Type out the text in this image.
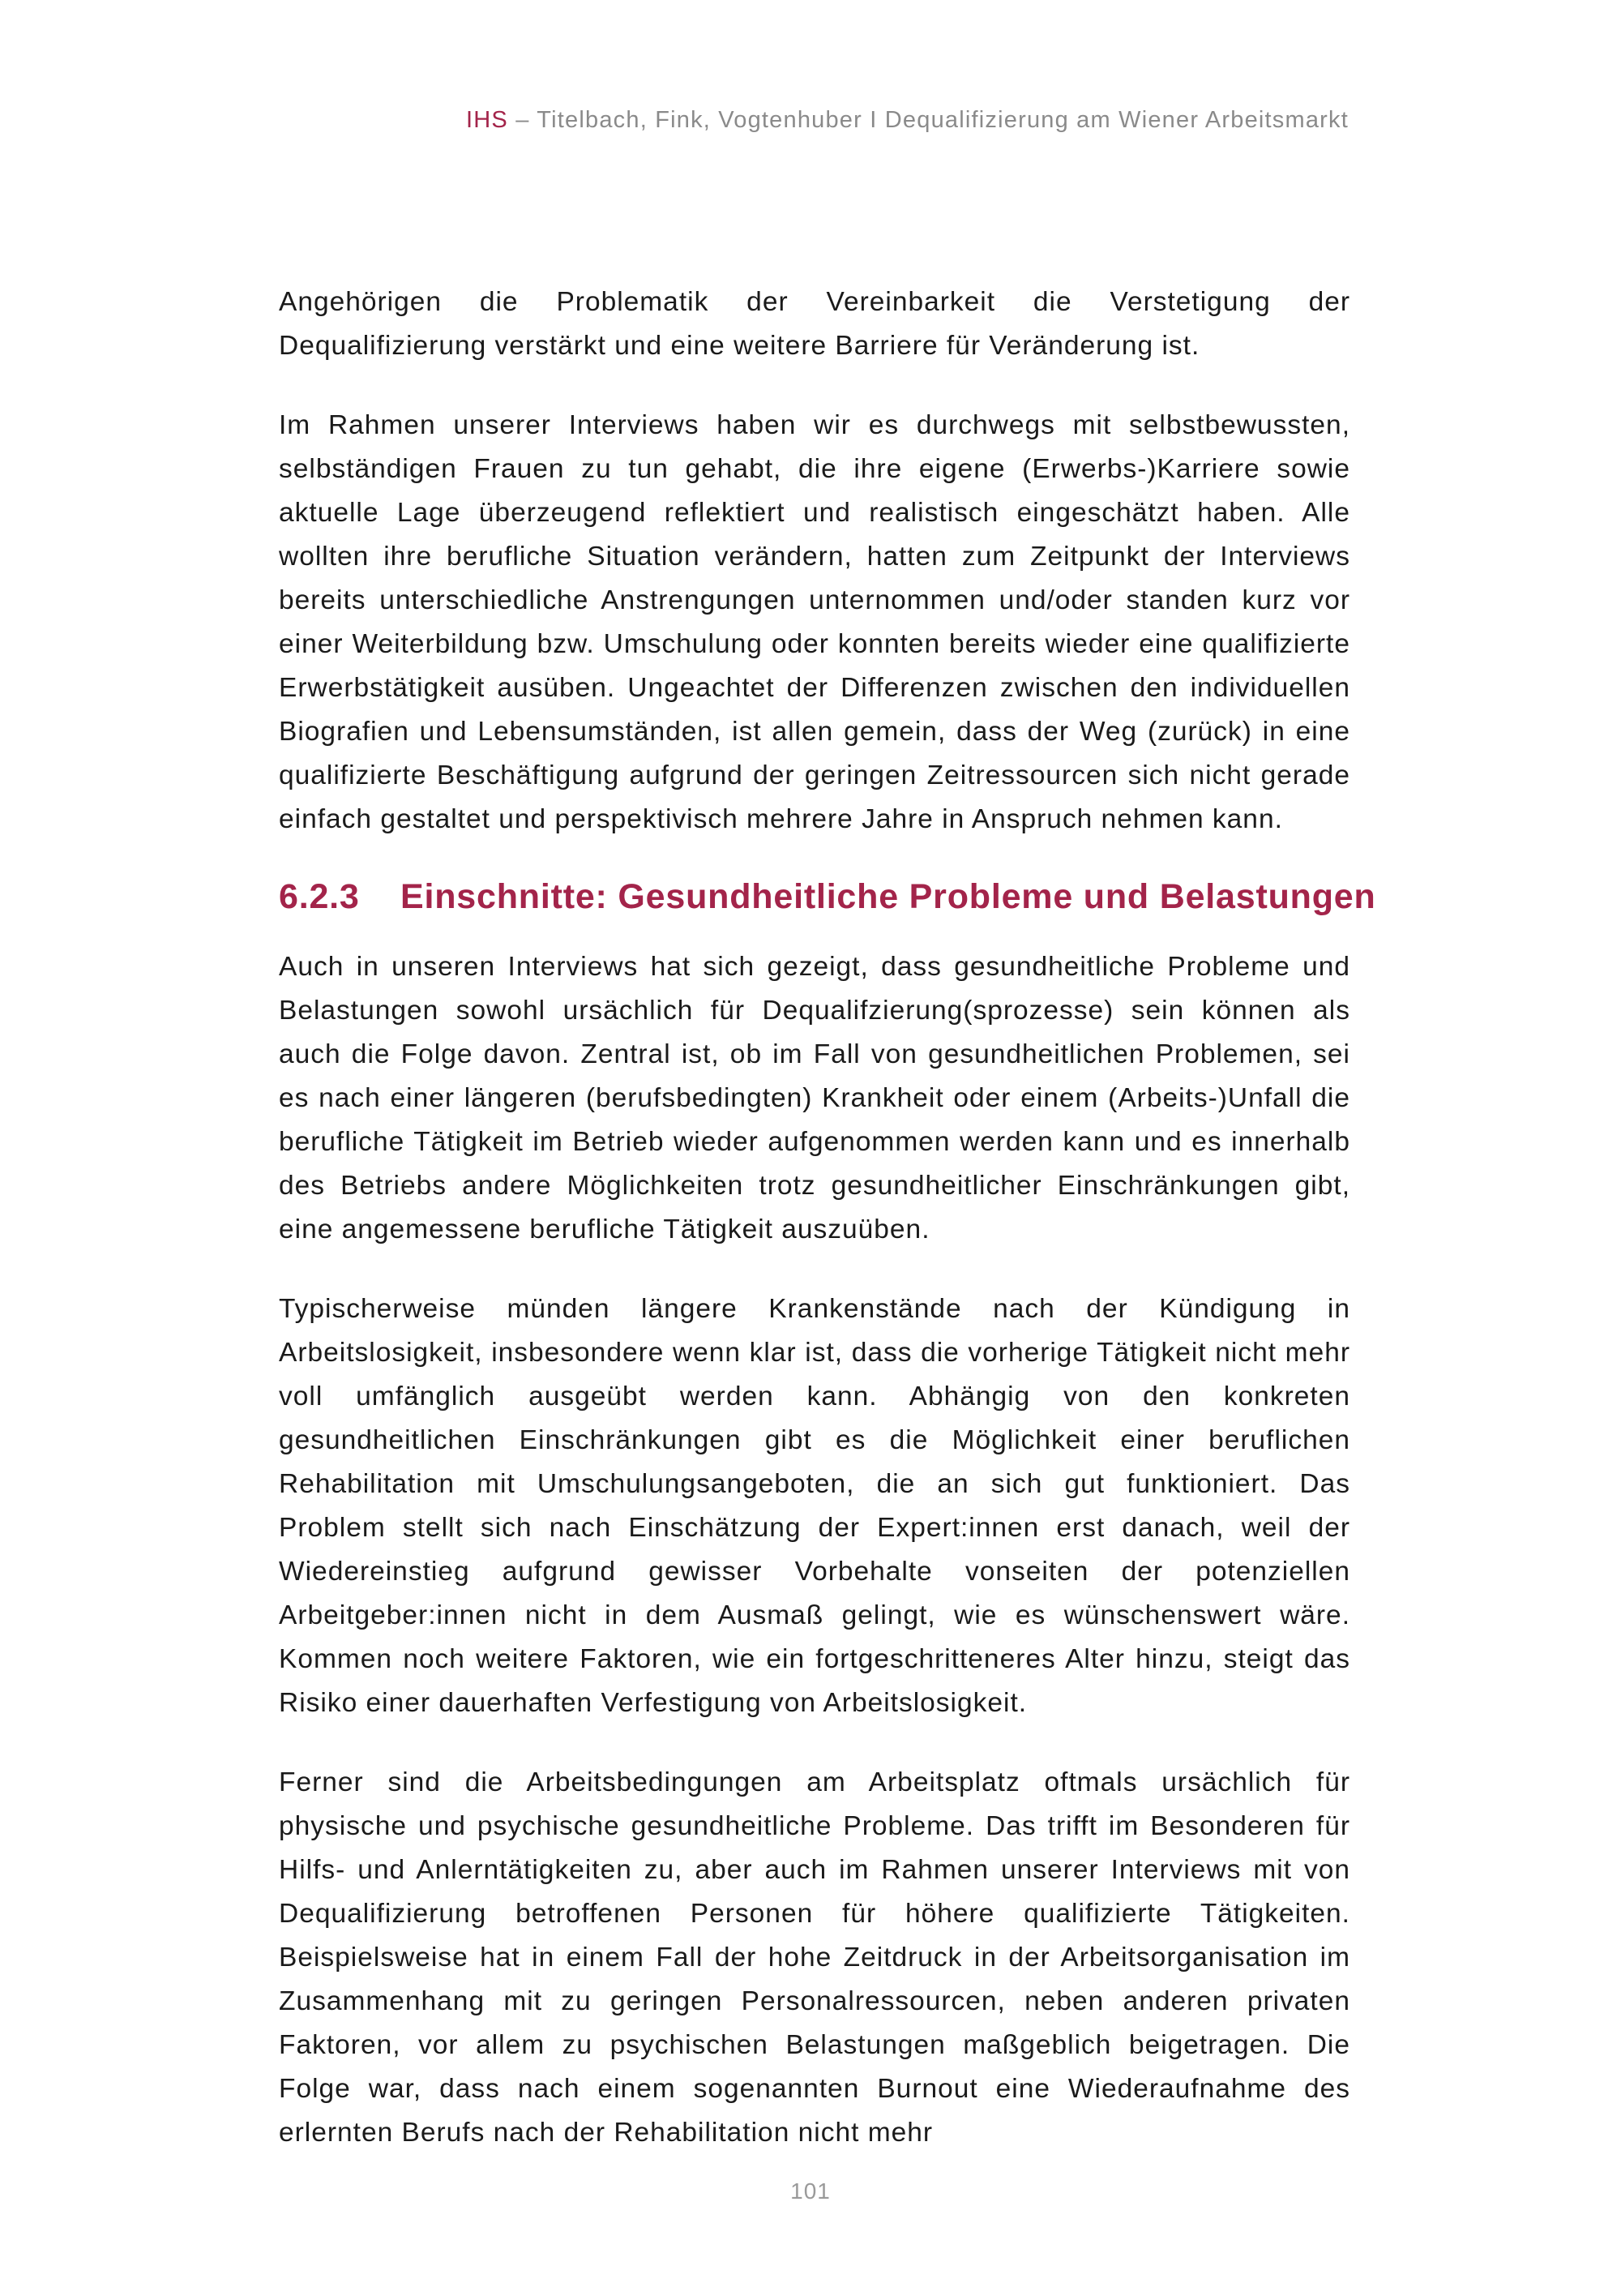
IHS – Titelbach, Fink, Vogtenhuber I Dequalifizierung am Wiener Arbeitsmarkt

Angehörigen die Problematik der Vereinbarkeit die Verstetigung der Dequalifizierung verstärkt und eine weitere Barriere für Veränderung ist.

Im Rahmen unserer Interviews haben wir es durchwegs mit selbstbewussten, selbständigen Frauen zu tun gehabt, die ihre eigene (Erwerbs-)Karriere sowie aktuelle Lage überzeugend reflektiert und realistisch eingeschätzt haben. Alle wollten ihre berufliche Situation verändern, hatten zum Zeitpunkt der Interviews bereits unterschiedliche Anstrengungen unternommen und/oder standen kurz vor einer Weiterbildung bzw. Umschulung oder konnten bereits wieder eine qualifizierte Erwerbstätigkeit ausüben. Ungeachtet der Differenzen zwischen den individuellen Biografien und Lebensumständen, ist allen gemein, dass der Weg (zurück) in eine qualifizierte Beschäftigung aufgrund der geringen Zeitressourcen sich nicht gerade einfach gestaltet und perspektivisch mehrere Jahre in Anspruch nehmen kann.

6.2.3 Einschnitte: Gesundheitliche Probleme und Belastungen

Auch in unseren Interviews hat sich gezeigt, dass gesundheitliche Probleme und Belastungen sowohl ursächlich für Dequalifzierung(sprozesse) sein können als auch die Folge davon. Zentral ist, ob im Fall von gesundheitlichen Problemen, sei es nach einer längeren (berufsbedingten) Krankheit oder einem (Arbeits-)Unfall die berufliche Tätigkeit im Betrieb wieder aufgenommen werden kann und es innerhalb des Betriebs andere Möglichkeiten trotz gesundheitlicher Einschränkungen gibt, eine angemessene berufliche Tätigkeit auszuüben.

Typischerweise münden längere Krankenstände nach der Kündigung in Arbeitslosigkeit, insbesondere wenn klar ist, dass die vorherige Tätigkeit nicht mehr voll umfänglich ausgeübt werden kann. Abhängig von den konkreten gesundheitlichen Einschränkungen gibt es die Möglichkeit einer beruflichen Rehabilitation mit Umschulungsangeboten, die an sich gut funktioniert. Das Problem stellt sich nach Einschätzung der Expert:innen erst danach, weil der Wiedereinstieg aufgrund gewisser Vorbehalte vonseiten der potenziellen Arbeitgeber:innen nicht in dem Ausmaß gelingt, wie es wünschenswert wäre. Kommen noch weitere Faktoren, wie ein fortgeschritteneres Alter hinzu, steigt das Risiko einer dauerhaften Verfestigung von Arbeitslosigkeit.

Ferner sind die Arbeitsbedingungen am Arbeitsplatz oftmals ursächlich für physische und psychische gesundheitliche Probleme. Das trifft im Besonderen für Hilfs- und Anlerntätigkeiten zu, aber auch im Rahmen unserer Interviews mit von Dequalifizierung betroffenen Personen für höhere qualifizierte Tätigkeiten. Beispielsweise hat in einem Fall der hohe Zeitdruck in der Arbeitsorganisation im Zusammenhang mit zu geringen Personalressourcen, neben anderen privaten Faktoren, vor allem zu psychischen Belastungen maßgeblich beigetragen. Die Folge war, dass nach einem sogenannten Burnout eine Wiederaufnahme des erlernten Berufs nach der Rehabilitation nicht mehr

101
